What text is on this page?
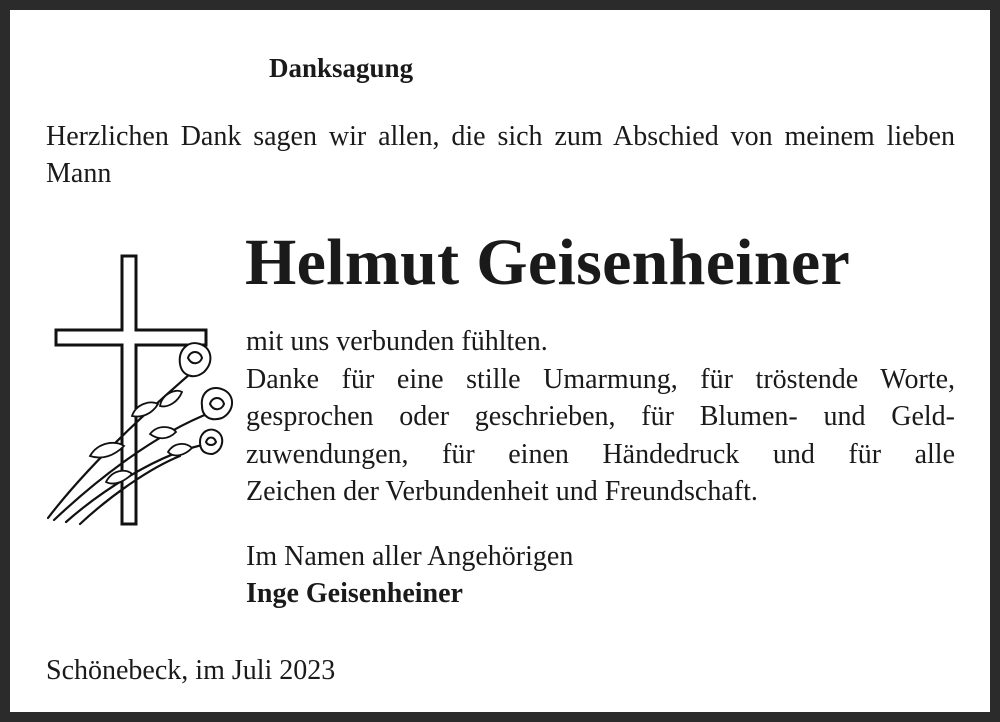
Danksagung
Herzlichen Dank sagen wir allen, die sich zum Abschied von meinem lieben Mann
Helmut Geisenheiner
mit uns verbunden fühlten.
Danke für eine stille Umarmung, für tröstende Worte,
gesprochen oder geschrieben, für Blumen- und Geld-
zuwendungen, für einen Händedruck und für alle
Zeichen der Verbundenheit und Freundschaft.
Im Namen aller Angehörigen
Inge Geisenheiner
Schönebeck, im Juli 2023
